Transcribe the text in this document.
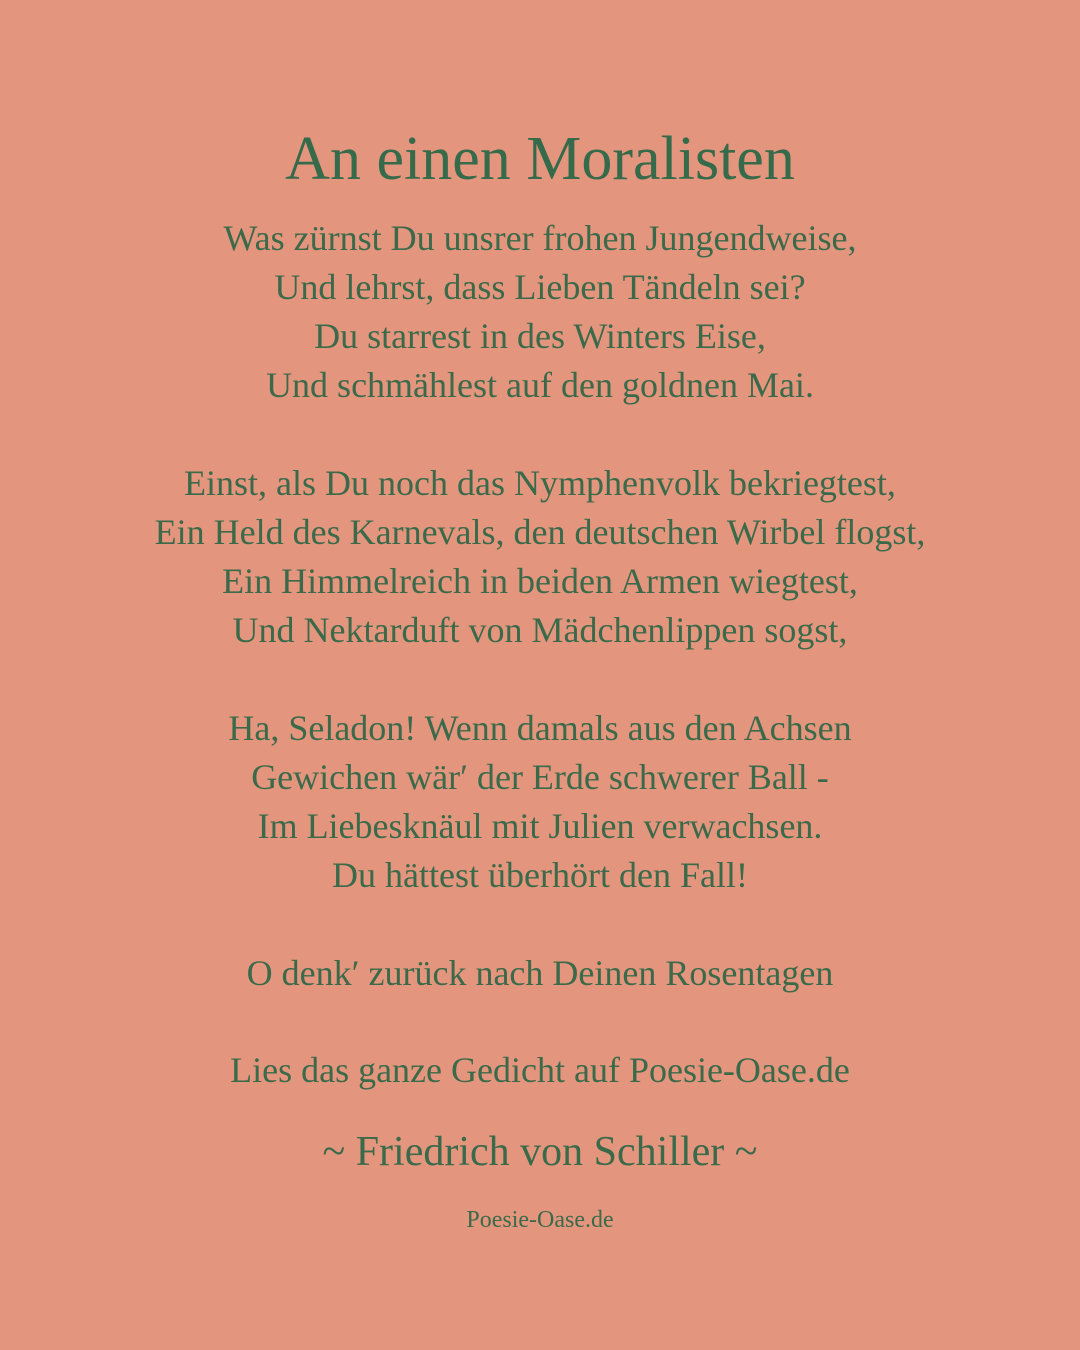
An einen Moralisten
Was zürnst Du unsrer frohen Jungendweise,
Und lehrst, dass Lieben Tändeln sei?
Du starrest in des Winters Eise,
Und schmählest auf den goldnen Mai.
Einst, als Du noch das Nymphenvolk bekriegtest,
Ein Held des Karnevals, den deutschen Wirbel flogst,
Ein Himmelreich in beiden Armen wiegtest,
Und Nektarduft von Mädchenlippen sogst,
Ha, Seladon! Wenn damals aus den Achsen
Gewichen wär′ der Erde schwerer Ball -
Im Liebesknäul mit Julien verwachsen.
Du hättest überhört den Fall!
O denk′ zurück nach Deinen Rosentagen
Lies das ganze Gedicht auf Poesie-Oase.de
~ Friedrich von Schiller ~
Poesie-Oase.de
